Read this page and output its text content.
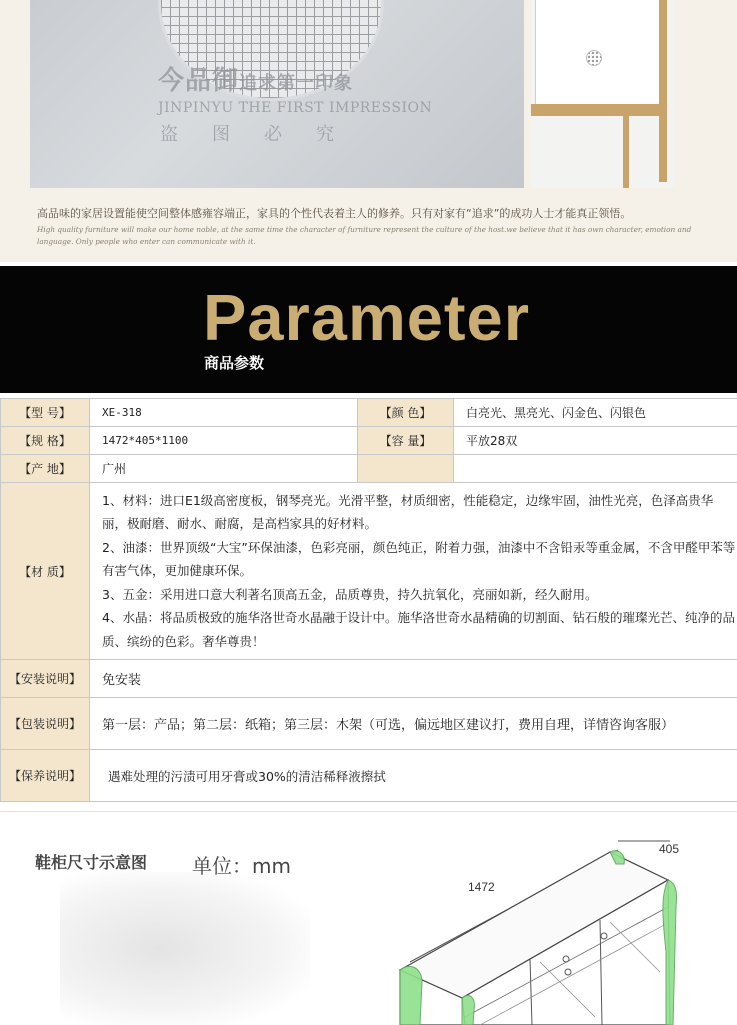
今品御追求第一印象
JINPINYU THE FIRST IMPRESSION
盗图必究
高品味的家居设置能使空间整体感雍容端正，家具的个性代表着主人的修养。只有对家有“追求”的成功人士才能真正领悟。
High quality furniture will make our home noble, at the same time the character of furniture represent the culture of the host.we believe that it has own character, emotion and language. Only people who enter can communicate with it.
Parameter
商品参数
【型 号】	XE-318	【颜 色】	白亮光、黑亮光、闪金色、闪银色
【规 格】	1472*405*1100	【容 量】	平放28双
【产 地】	广州		
【材 质】	1、材料：进口E1级高密度板，钢琴亮光。光滑平整，材质细密，性能稳定，边缘牢固，油性光亮，色泽高贵华丽，极耐磨、耐水、耐腐，是高档家具的好材料。

2、油漆：世界顶级“大宝”环保油漆，色彩亮丽，颜色纯正，附着力强，油漆中不含铅汞等重金属，不含甲醛甲苯等有害气体，更加健康环保。

3、五金：采用进口意大利著名顶高五金，品质尊贵，持久抗氧化，亮丽如新，经久耐用。

4、水晶：将品质极致的施华洛世奇水晶融于设计中。施华洛世奇水晶精确的切割面、钻石般的璀璨光芒、纯净的品质、缤纷的色彩。奢华尊贵！		

【安装说明】	免安装		
【包装说明】	第一层：产品；第二层：纸箱；第三层：木架（可选，偏远地区建议打，费用自理，详情咨询客服）		
【保养说明】	遇难处理的污渍可用牙膏或30%的清洁稀释液擦拭		
鞋柜尺寸示意图 单位：mm
405
1472
